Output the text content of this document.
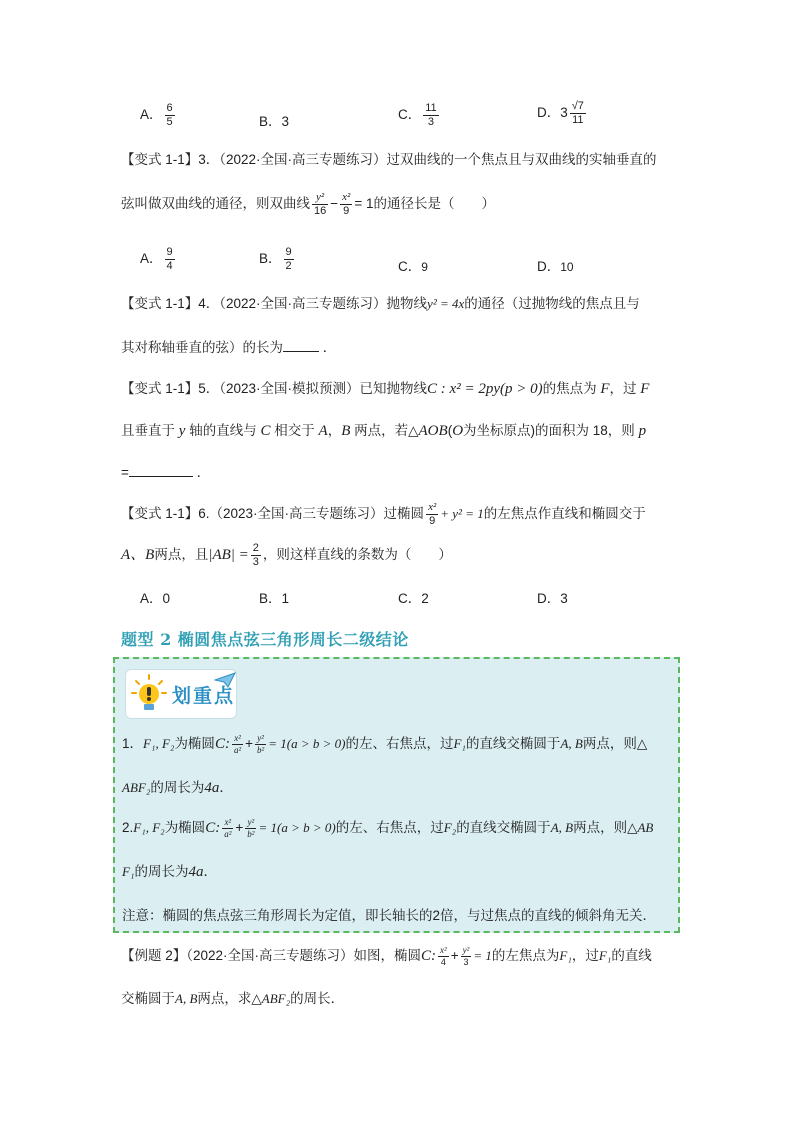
A． $\frac{6}{5}$	B．3	C． $\frac{11}{3}$	D．$3 \frac{√7}{11}$
【变式 1-1】3．（2022·全国·高三专题练习）过双曲线的一个焦点且与双曲线的实轴垂直的
弦叫做双曲线的通径，则双曲线 $\frac{\text{y²}}{16} - \frac{\text{x²}}{9} = 1$的通径长是（　　）
A． $\frac{9}{4}$	B． $\frac{9}{2}$	C．9	D．10
【变式 1-1】4．（2022·全国·高三专题练习）抛物线y² = 4x的通径（过抛物线的焦点且与
其对称轴垂直的弦）的长为	．
【变式 1-1】5．（2023·全国·模拟预测）已知抛物线C : x² = 2py(p > 0)的焦点为 F，过 F
且垂直于 y 轴的直线与 C 相交于 A，B 两点，若△AOB(O为坐标原点)的面积为 18，则 p
=	．
【变式 1-1】6.（2023·全国·高三专题练习）过椭圆 $\frac{\text{x²}}{9} + y^2 = 1$的左焦点作直线和椭圆交于
A、B两点，且$|AB| = \frac{2}{3}$ ，则这样直线的条数为（　　）
A．0	B．1	C．2	D．3
题型 2 椭圆焦点弦三角形周长二级结论
划重点
1．F₁, F₂为椭圆C: $\frac{\text{x²}}{\text{a²}} + \frac{\text{y²}}{\text{b²}} = 1(a > b > 0)$的左、右焦点，过F₁的直线交椭圆于A, B两点，则△
ABF₂的周长为4a．
2.F₁, F₂为椭圆C: $\frac{\text{x²}}{\text{a²}} + \frac{\text{y²}}{\text{b²}} = 1(a > b > 0)$的左、右焦点，过F₂的直线交椭圆于A, B两点，则△AB
F₁的周长为4a．
注意：椭圆的焦点弦三角形周长为定值，即长轴长的2倍，与过焦点的直线的倾斜角无关．
【例题 2】（2022·全国·高三专题练习）如图，椭圆C: $\frac{\text{x²}}{4} + \frac{\text{y²}}{3} = 1$的左焦点为F₁，过F₁的直线
交椭圆于A, B两点，求△ABF₂的周长．
